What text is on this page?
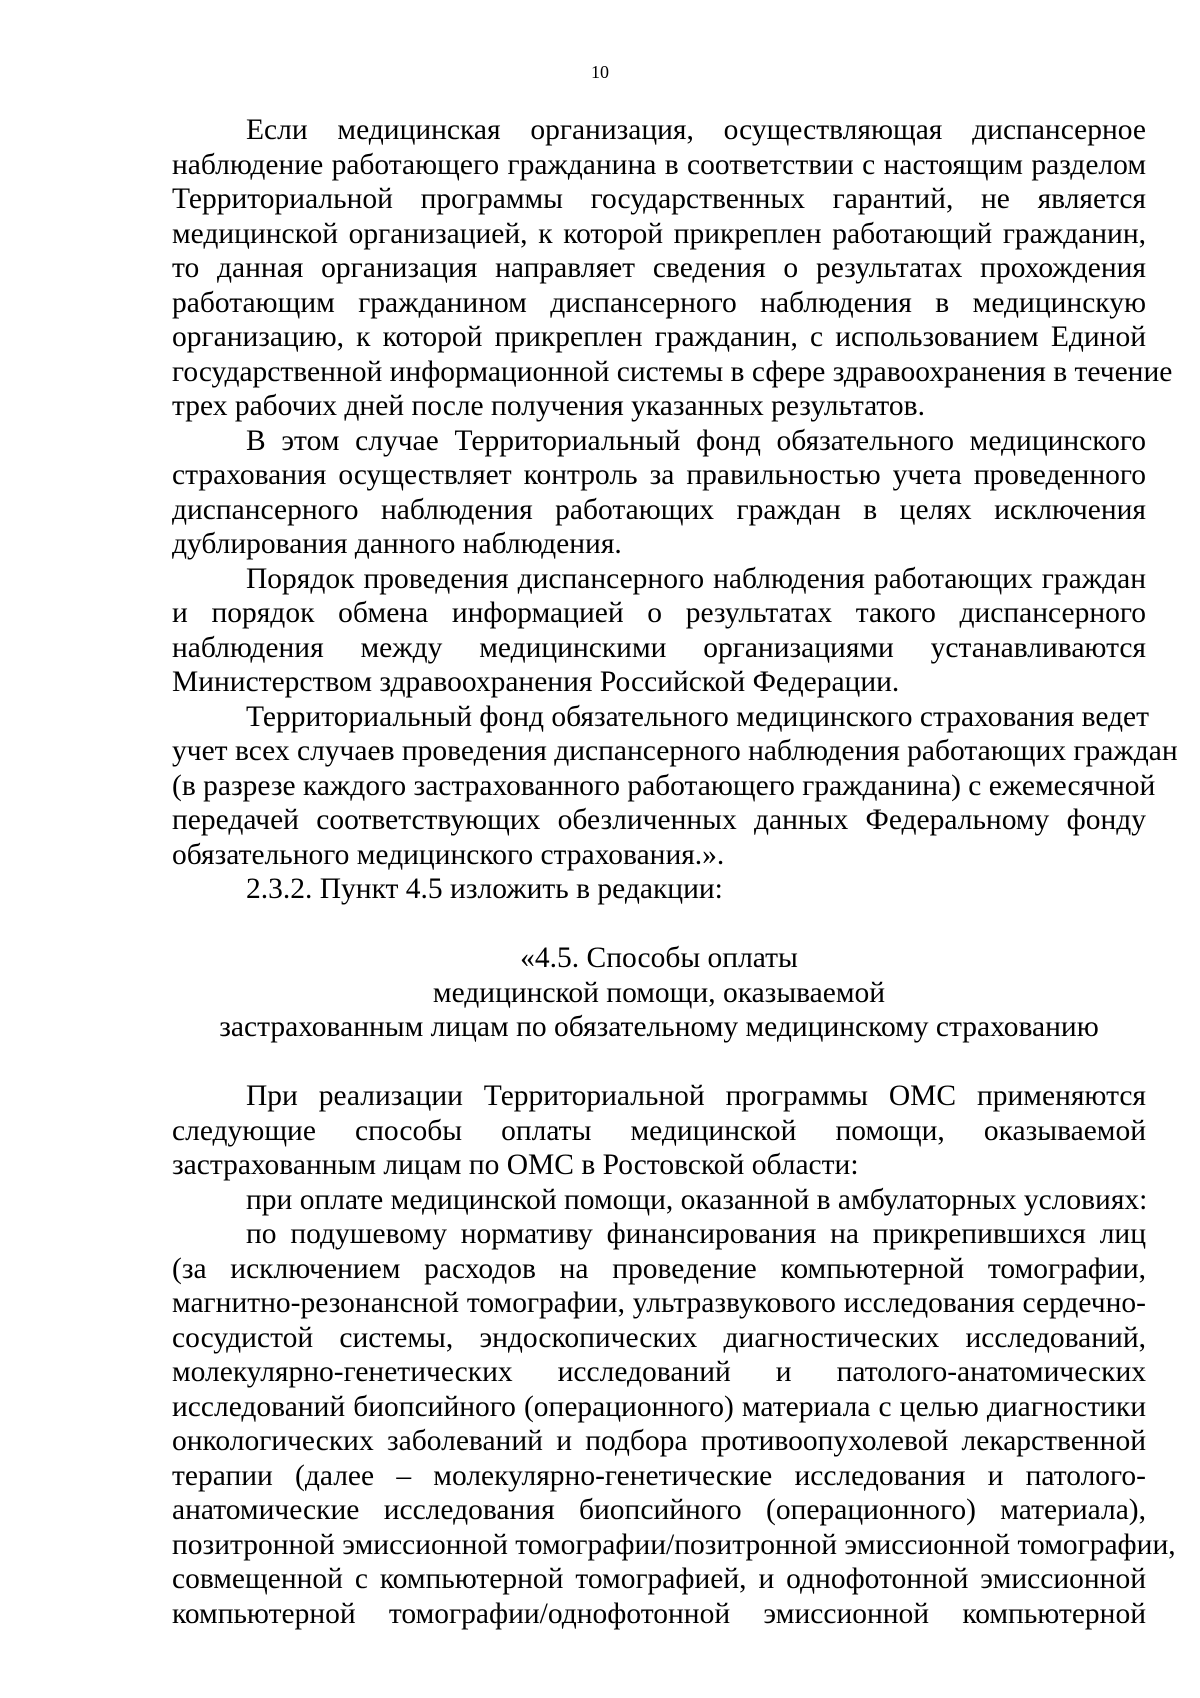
10
Если медицинская организация, осуществляющая диспансерное
наблюдение работающего гражданина в соответствии с настоящим разделом
Территориальной программы государственных гарантий, не является
медицинской организацией, к которой прикреплен работающий гражданин,
то данная организация направляет сведения о результатах прохождения
работающим гражданином диспансерного наблюдения в медицинскую
организацию, к которой прикреплен гражданин, с использованием Единой
государственной информационной системы в сфере здравоохранения в течение
трех рабочих дней после получения указанных результатов.
В этом случае Территориальный фонд обязательного медицинского
страхования осуществляет контроль за правильностью учета проведенного
диспансерного наблюдения работающих граждан в целях исключения
дублирования данного наблюдения.
Порядок проведения диспансерного наблюдения работающих граждан
и порядок обмена информацией о результатах такого диспансерного
наблюдения между медицинскими организациями устанавливаются
Министерством здравоохранения Российской Федерации.
Территориальный фонд обязательного медицинского страхования ведет
учет всех случаев проведения диспансерного наблюдения работающих граждан
(в разрезе каждого застрахованного работающего гражданина) с ежемесячной
передачей соответствующих обезличенных данных Федеральному фонду
обязательного медицинского страхования.».
2.3.2. Пункт 4.5 изложить в редакции:
«4.5. Способы оплаты
медицинской помощи, оказываемой
застрахованным лицам по обязательному медицинскому страхованию
При реализации Территориальной программы ОМС применяются
следующие способы оплаты медицинской помощи, оказываемой
застрахованным лицам по ОМС в Ростовской области:
при оплате медицинской помощи, оказанной в амбулаторных условиях:
по подушевому нормативу финансирования на прикрепившихся лиц
(за исключением расходов на проведение компьютерной томографии,
магнитно-резонансной томографии, ультразвукового исследования сердечно-
сосудистой системы, эндоскопических диагностических исследований,
молекулярно-генетических исследований и патолого-анатомических
исследований биопсийного (операционного) материала с целью диагностики
онкологических заболеваний и подбора противоопухолевой лекарственной
терапии (далее – молекулярно-генетические исследования и патолого-
анатомические исследования биопсийного (операционного) материала),
позитронной эмиссионной томографии/позитронной эмиссионной томографии,
совмещенной с компьютерной томографией, и однофотонной эмиссионной
компьютерной томографии/однофотонной эмиссионной компьютерной
